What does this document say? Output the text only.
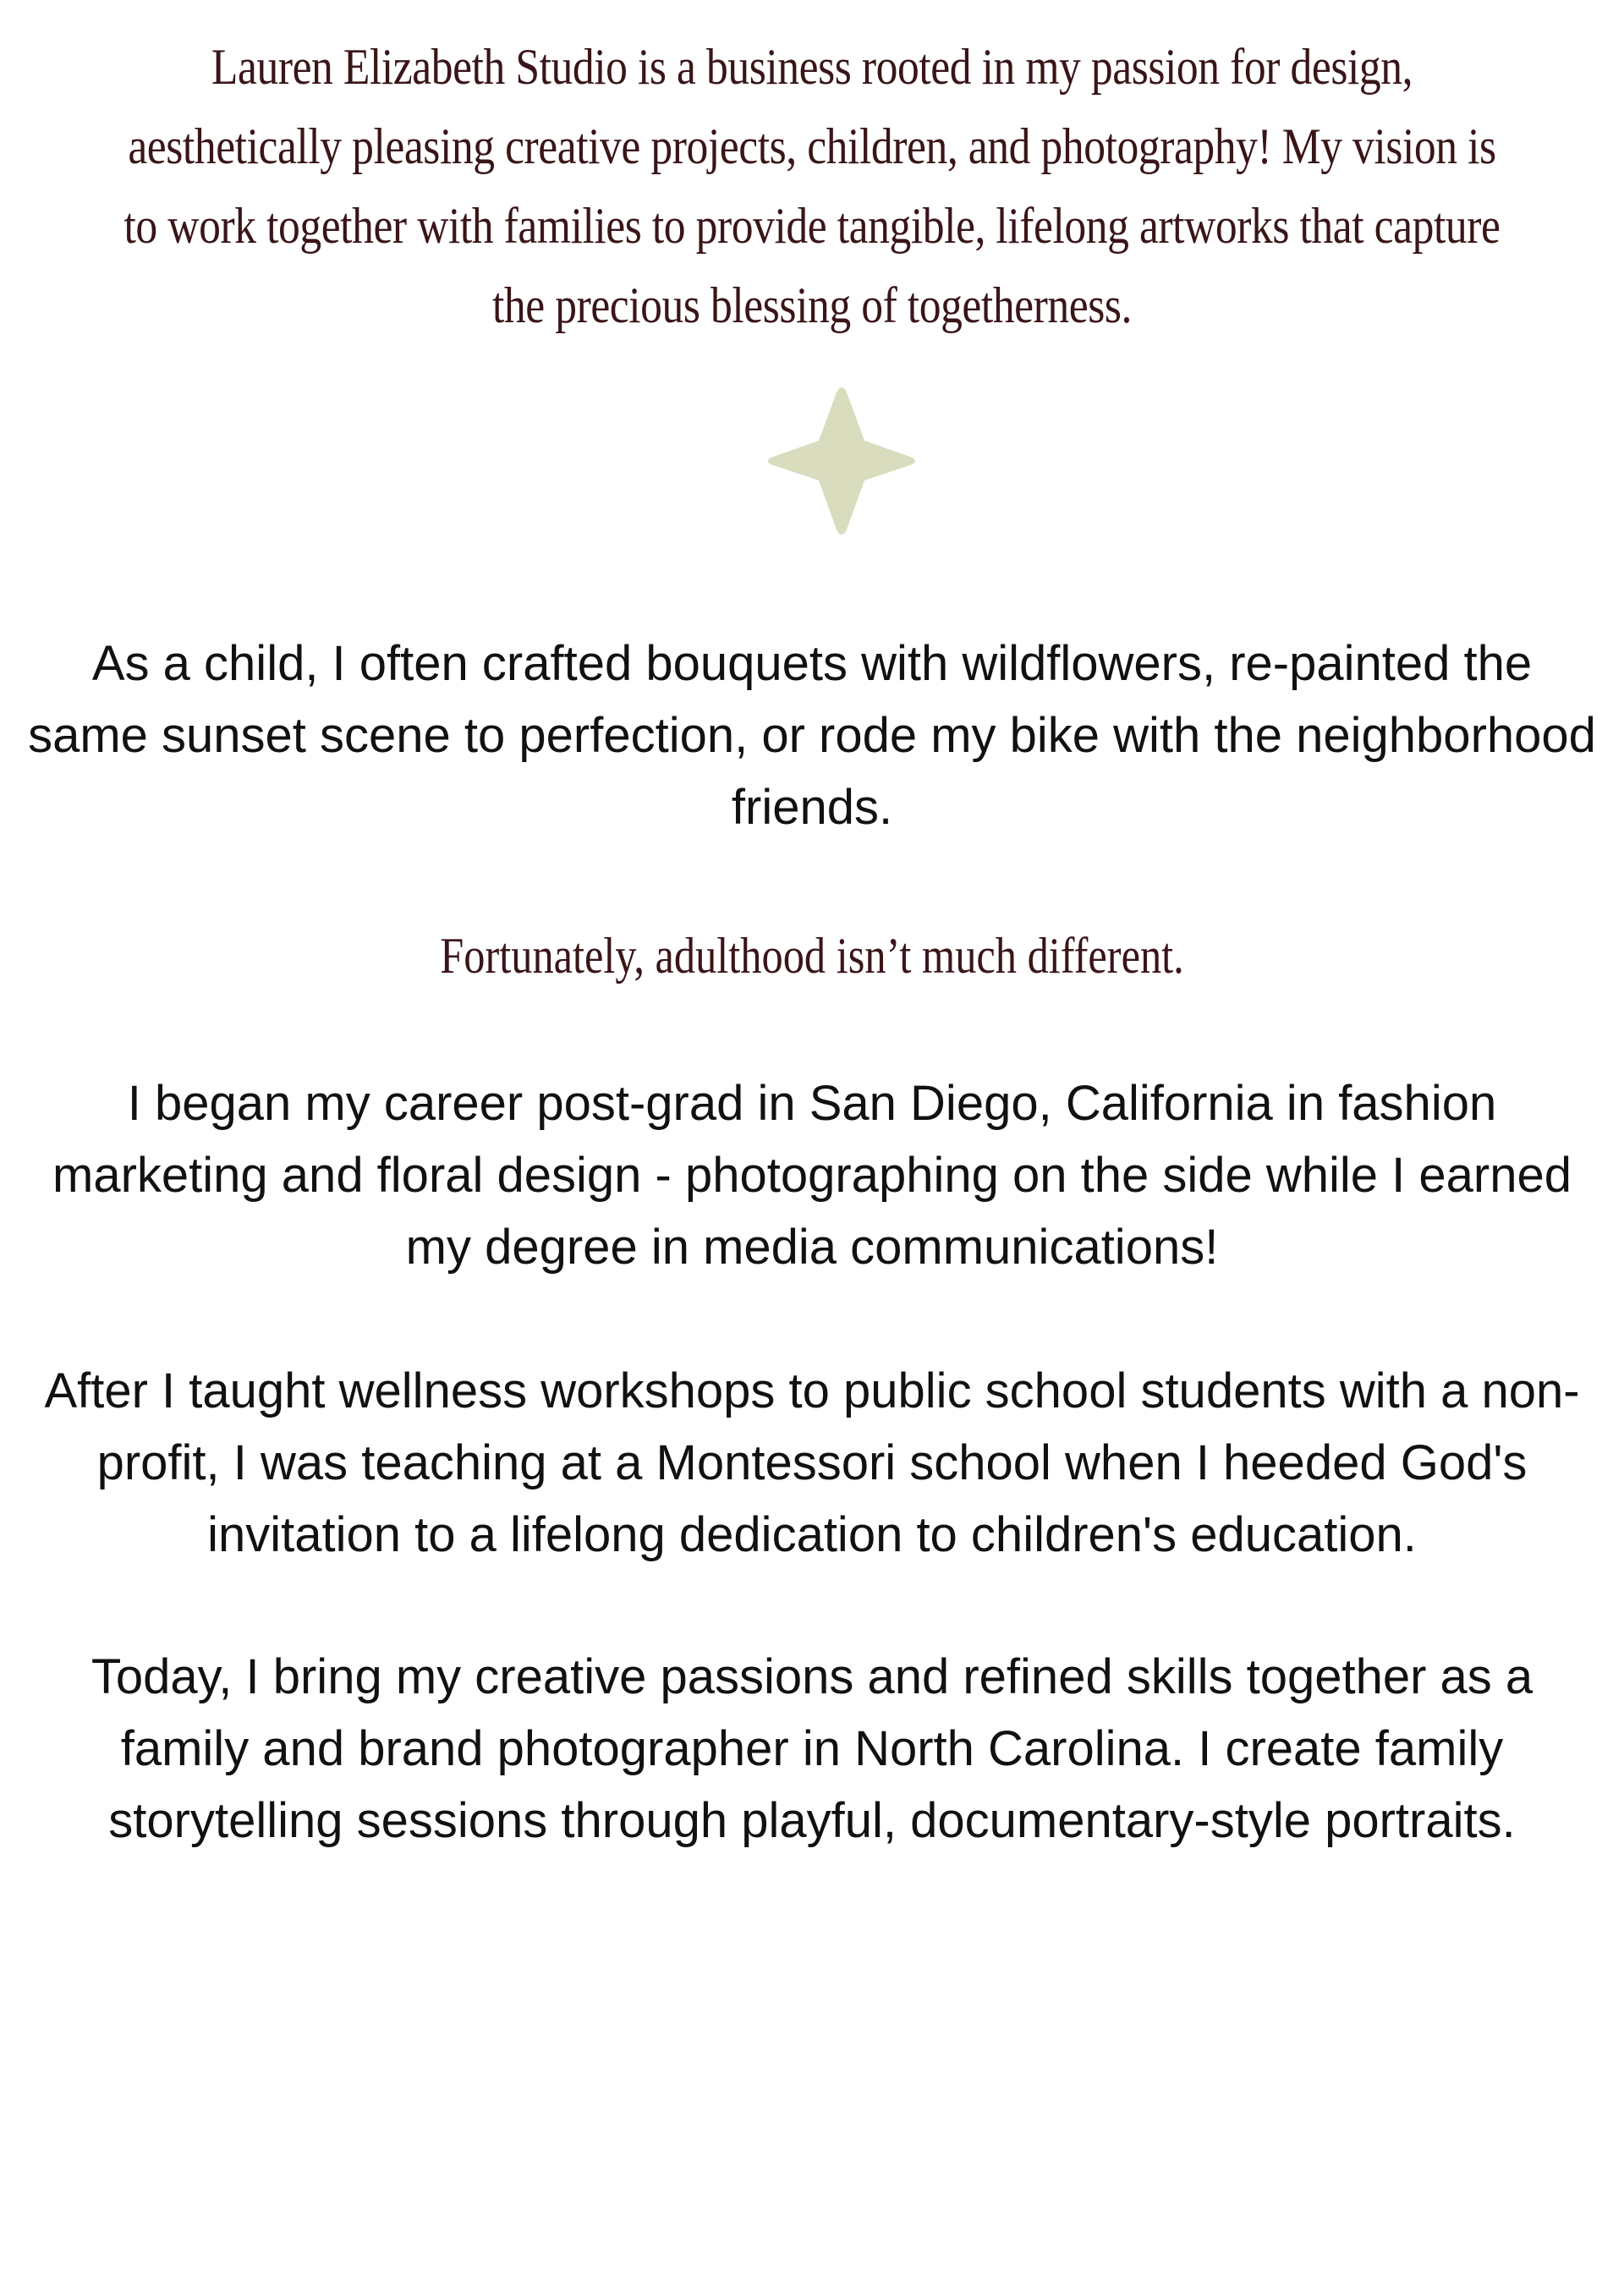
Lauren Elizabeth Studio is a business rooted in my passion for design, aesthetically pleasing creative projects, children, and photography! My vision is to work together with families to provide tangible, lifelong artworks that capture the precious blessing of togetherness.

As a child, I often crafted bouquets with wildflowers, re-painted the same sunset scene to perfection, or rode my bike with the neighborhood friends.

Fortunately, adulthood isn’t much different.

I began my career post-grad in San Diego, California in fashion marketing and floral design - photographing on the side while I earned my degree in media communications!

After I taught wellness workshops to public school students with a non-profit, I was teaching at a Montessori school when I heeded God's invitation to a lifelong dedication to children's education.

Today, I bring my creative passions and refined skills together as a family and brand photographer in North Carolina. I create family storytelling sessions through playful, documentary-style portraits.
